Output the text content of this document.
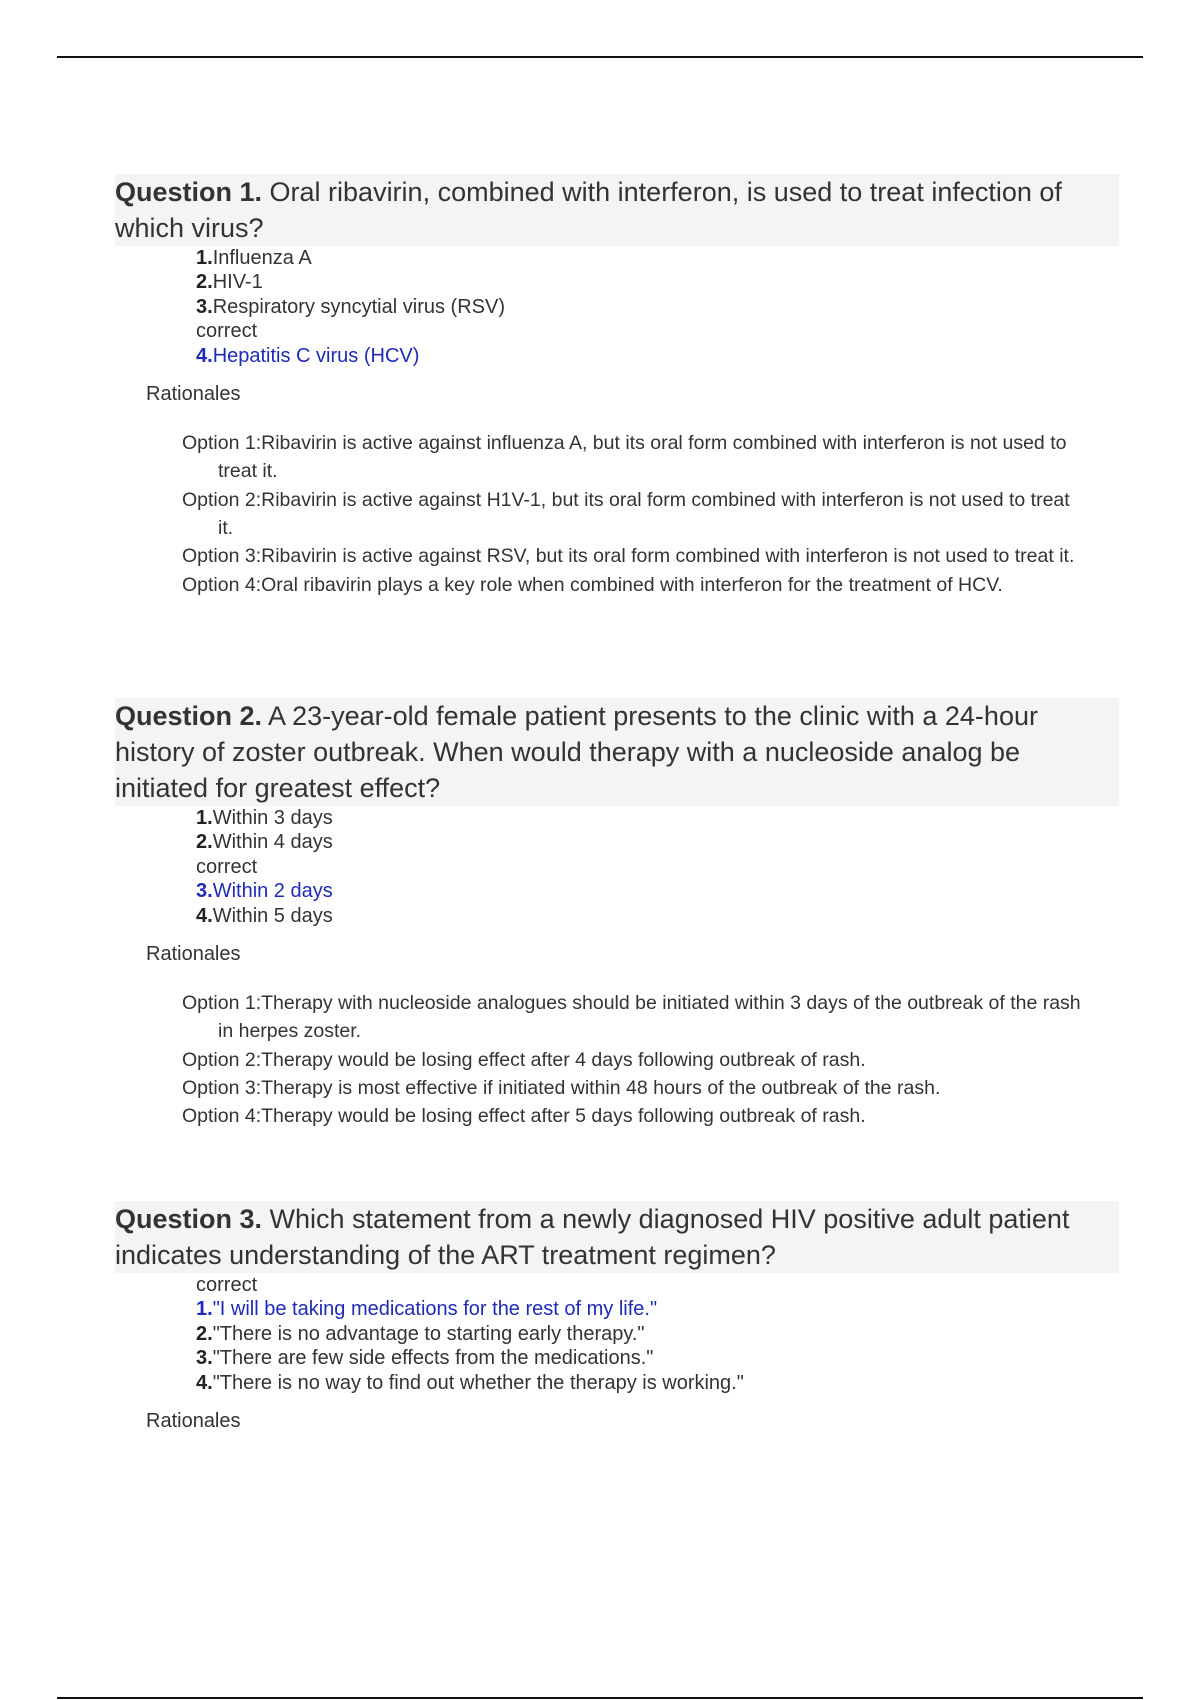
Question 1. Oral ribavirin, combined with interferon, is used to treat infection of which virus?
1.Influenza A
2.HIV-1
3.Respiratory syncytial virus (RSV)
correct
4.Hepatitis C virus (HCV)
Rationales
Option 1:Ribavirin is active against influenza A, but its oral form combined with interferon is not used to treat it.
Option 2:Ribavirin is active against H1V-1, but its oral form combined with interferon is not used to treat it.
Option 3:Ribavirin is active against RSV, but its oral form combined with interferon is not used to treat it.
Option 4:Oral ribavirin plays a key role when combined with interferon for the treatment of HCV.
Question 2. A 23-year-old female patient presents to the clinic with a 24-hour history of zoster outbreak. When would therapy with a nucleoside analog be initiated for greatest effect?
1.Within 3 days
2.Within 4 days
correct
3.Within 2 days
4.Within 5 days
Rationales
Option 1:Therapy with nucleoside analogues should be initiated within 3 days of the outbreak of the rash in herpes zoster.
Option 2:Therapy would be losing effect after 4 days following outbreak of rash.
Option 3:Therapy is most effective if initiated within 48 hours of the outbreak of the rash.
Option 4:Therapy would be losing effect after 5 days following outbreak of rash.
Question 3. Which statement from a newly diagnosed HIV positive adult patient indicates understanding of the ART treatment regimen?
correct
1."I will be taking medications for the rest of my life."
2."There is no advantage to starting early therapy."
3."There are few side effects from the medications."
4."There is no way to find out whether the therapy is working."
Rationales
